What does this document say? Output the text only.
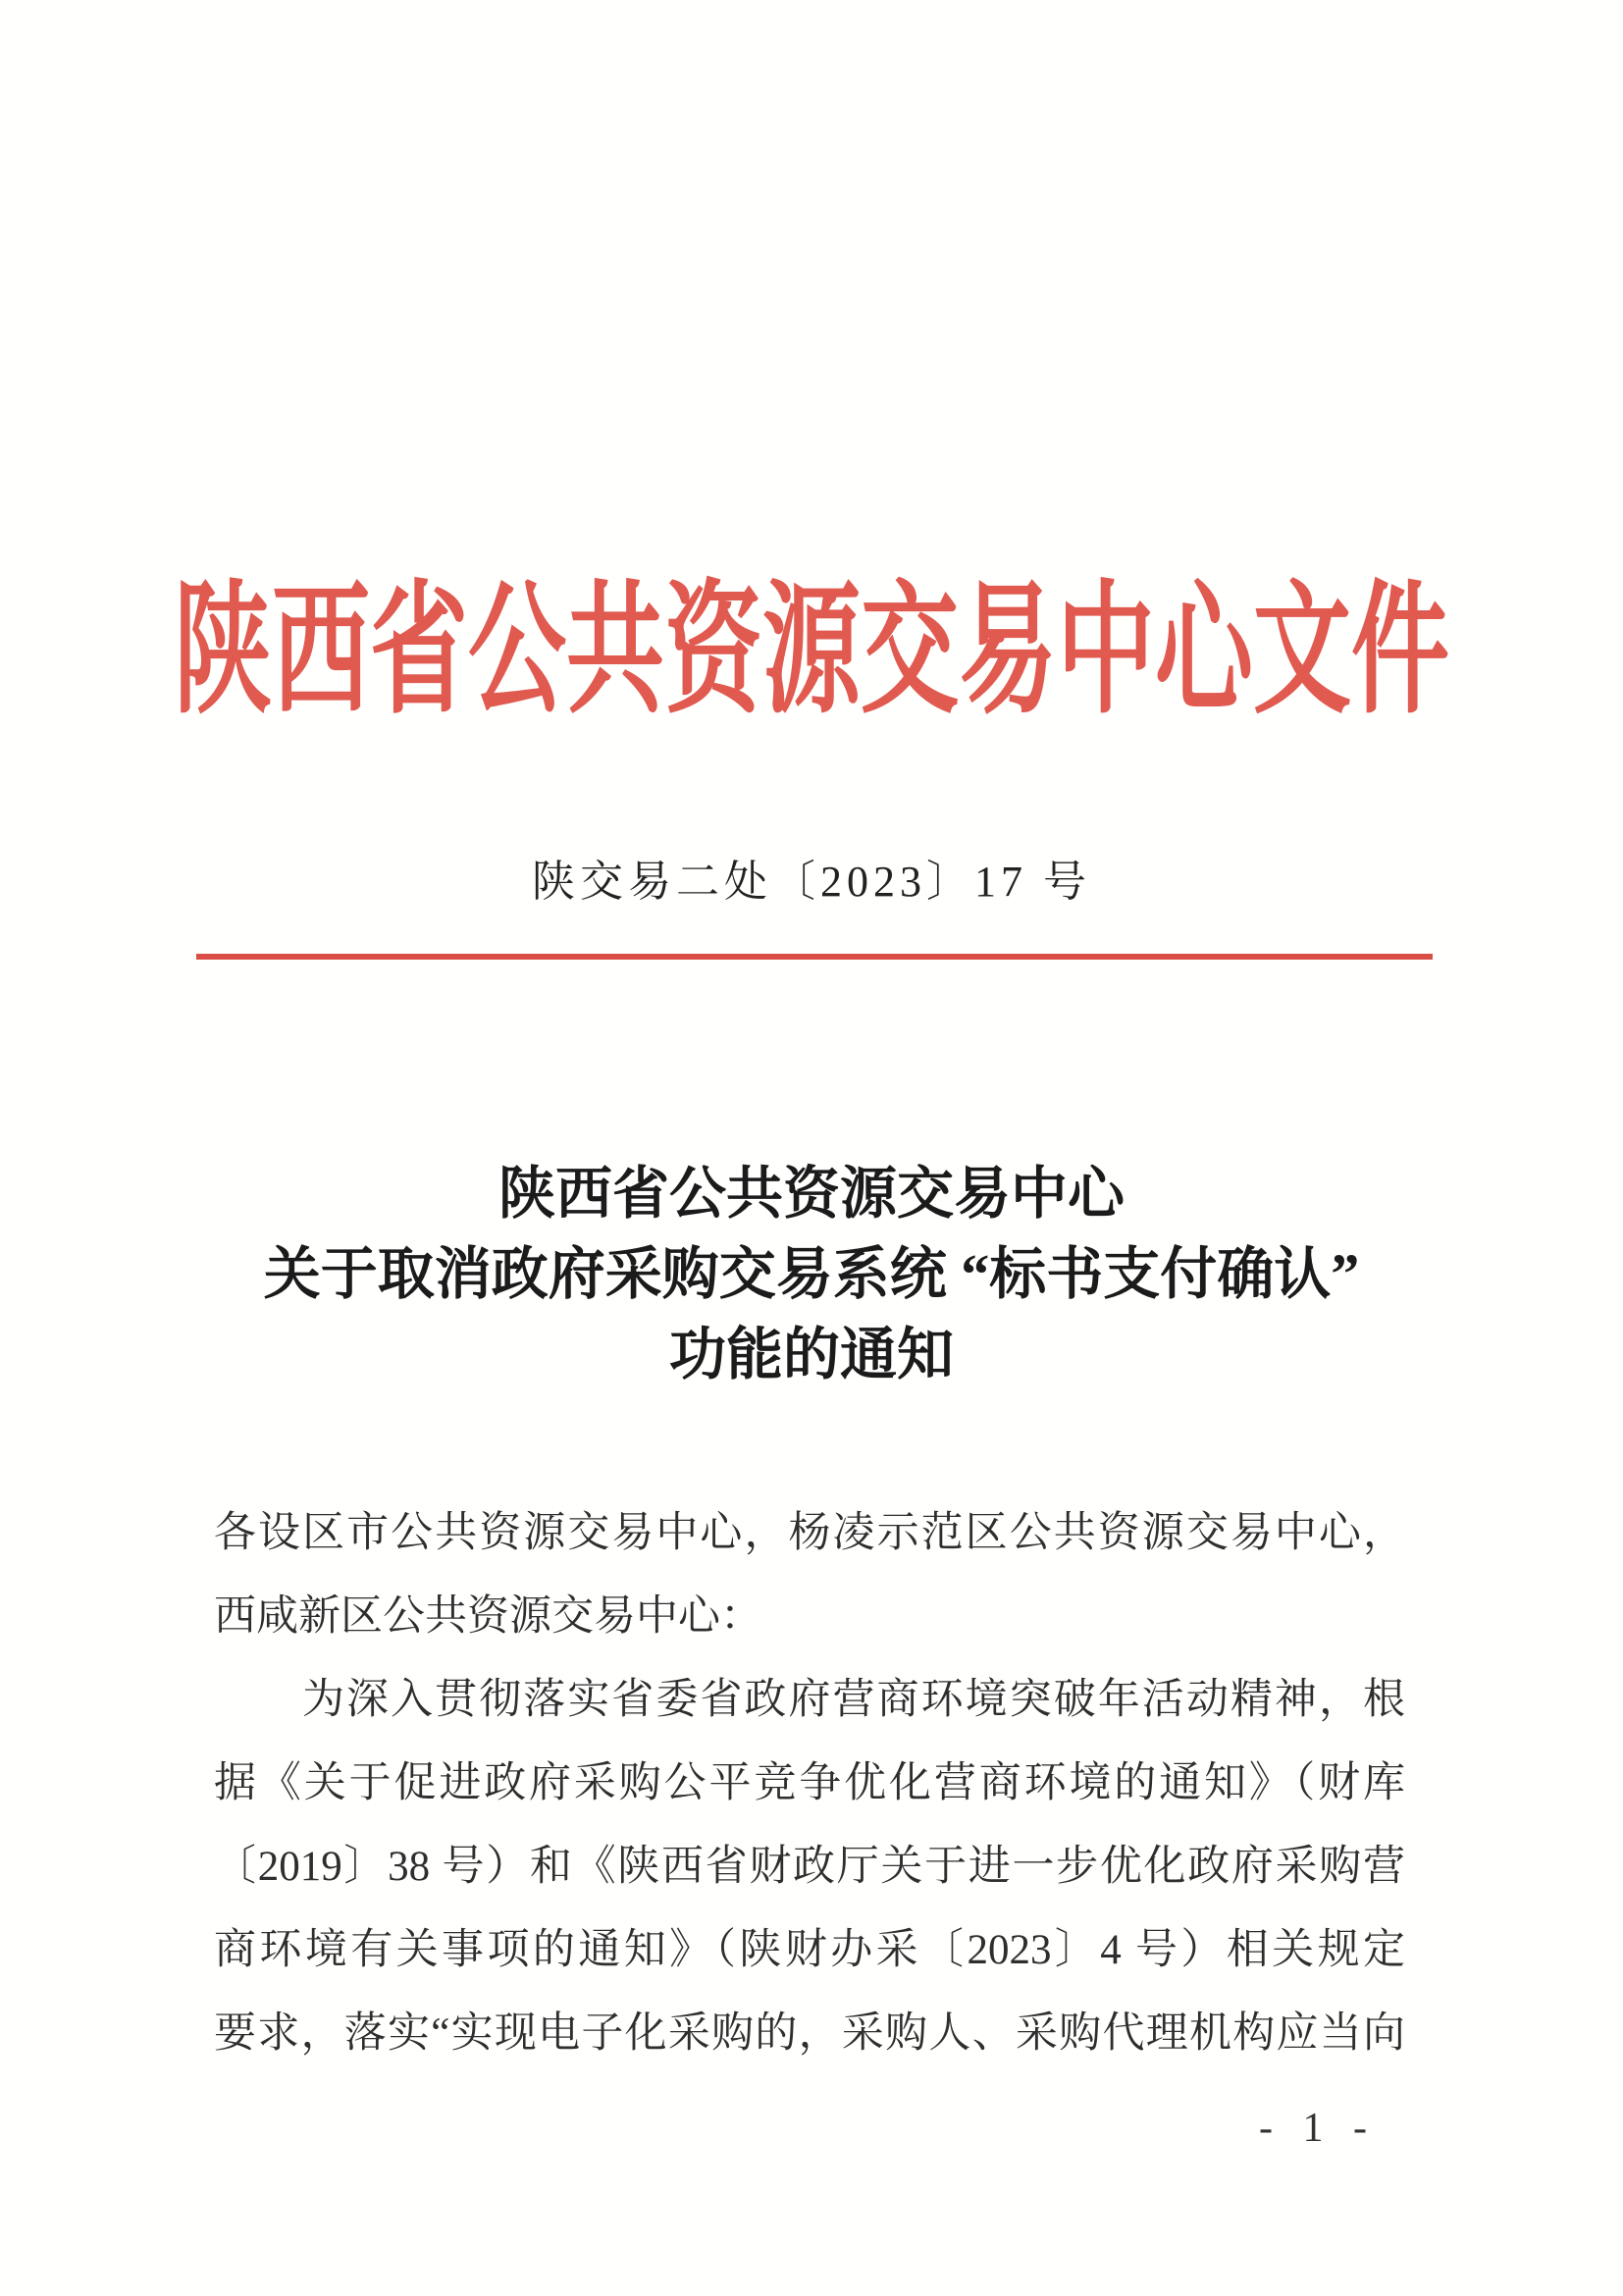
陕西省公共资源交易中心文件
陕交易二处〔2023〕17 号
陕西省公共资源交易中心
关于取消政府采购交易系统 “标书支付确认”
功能的通知
各设区市公共资源交易中心，杨凌示范区公共资源交易中心，
西咸新区公共资源交易中心：
为深入贯彻落实省委省政府营商环境突破年活动精神，根
据《关于促进政府采购公平竞争优化营商环境的通知》（财库
〔2019〕38 号）和《陕西省财政厅关于进一步优化政府采购营
商环境有关事项的通知》（陕财办采〔2023〕4 号）相关规定
要求，落实“实现电子化采购的，采购人、采购代理机构应当向
- 1 -
